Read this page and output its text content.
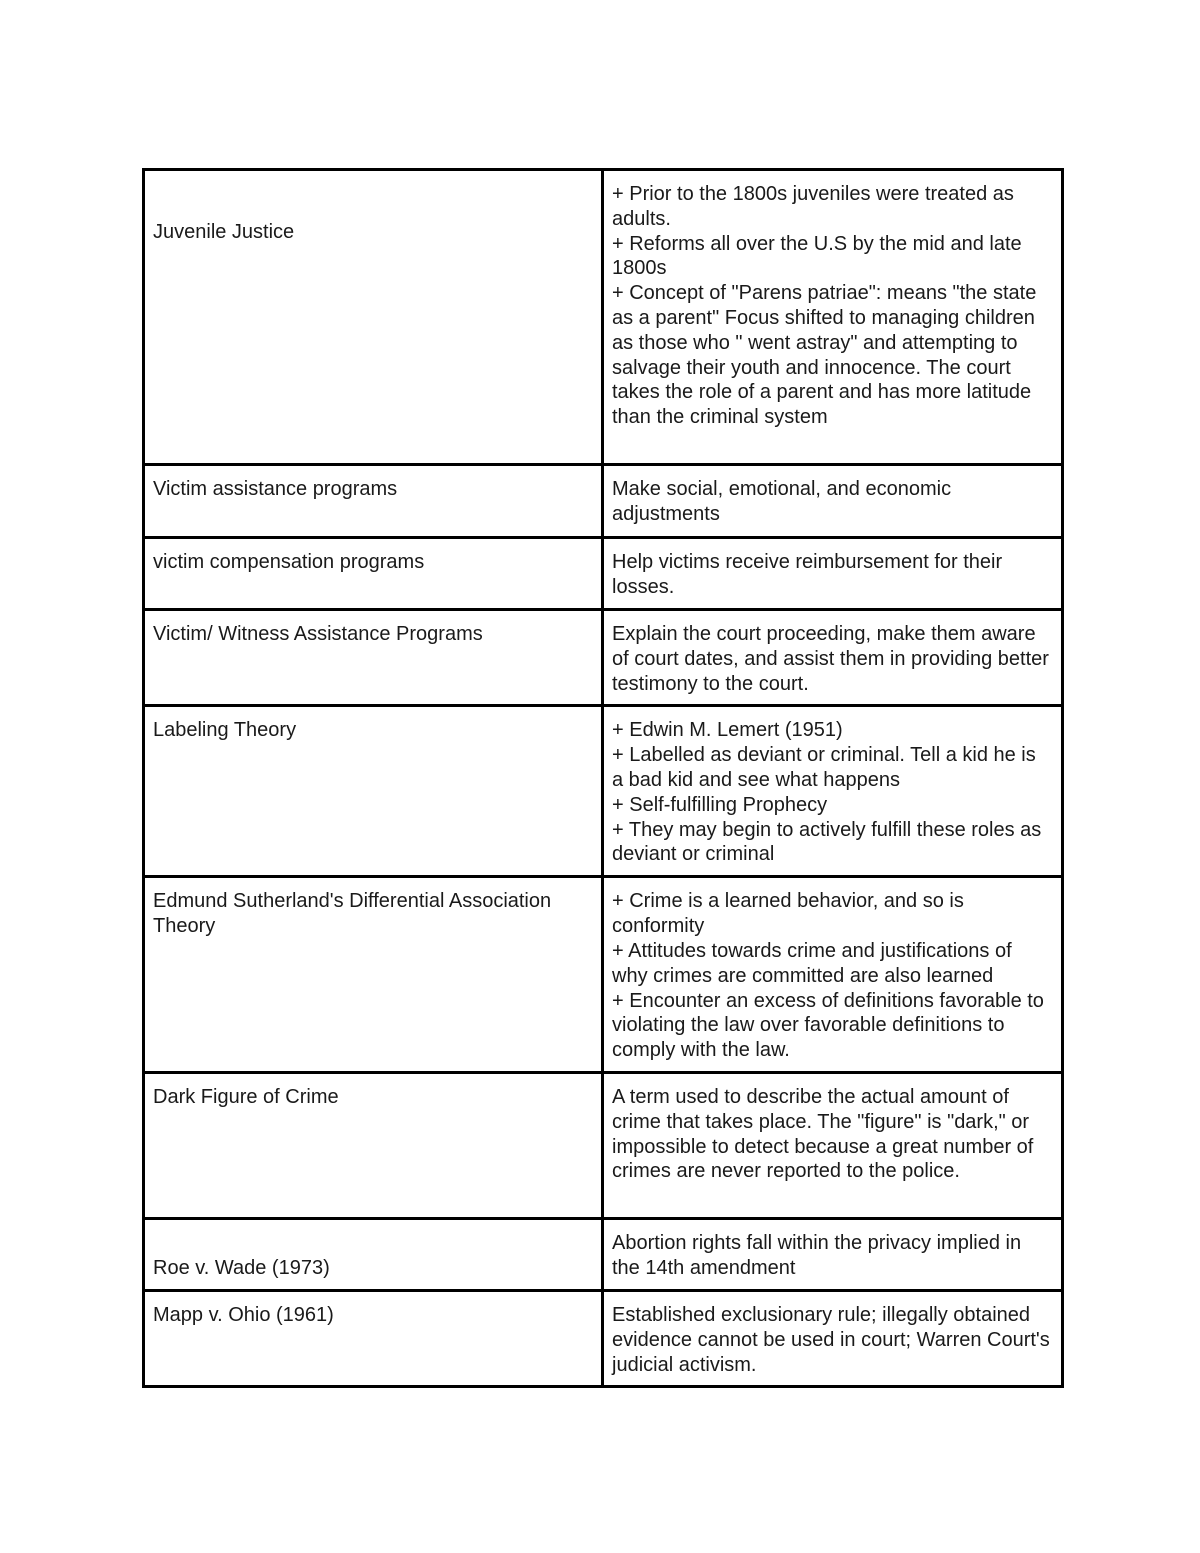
Juvenile Justice	+ Prior to the 1800s juveniles were treated as adults.
+ Reforms all over the U.S by the mid and late 1800s
+ Concept of "Parens patriae": means "the state as a parent" Focus shifted to managing children as those who " went astray" and attempting to salvage their youth and innocence. The court takes the role of a parent and has more latitude than the criminal system

Victim assistance programs	Make social, emotional, and economic adjustments

victim compensation programs	Help victims receive reimbursement for their losses.

Victim/ Witness Assistance Programs	Explain the court proceeding, make them aware of court dates, and assist them in providing better testimony to the court.

Labeling Theory	+ Edwin M. Lemert (1951)
+ Labelled as deviant or criminal. Tell a kid he is a bad kid and see what happens
+ Self-fulfilling Prophecy
+ They may begin to actively fulfill these roles as deviant or criminal

Edmund Sutherland's Differential Association Theory	+ Crime is a learned behavior, and so is conformity
+ Attitudes towards crime and justifications of why crimes are committed are also learned
+ Encounter an excess of definitions favorable to violating the law over favorable definitions to comply with the law.

Dark Figure of Crime	A term used to describe the actual amount of crime that takes place. The "figure" is "dark," or impossible to detect because a great number of crimes are never reported to the police.

Roe v. Wade (1973)	Abortion rights fall within the privacy implied in the 14th amendment

Mapp v. Ohio (1961)	Established exclusionary rule; illegally obtained evidence cannot be used in court; Warren Court's judicial activism.
